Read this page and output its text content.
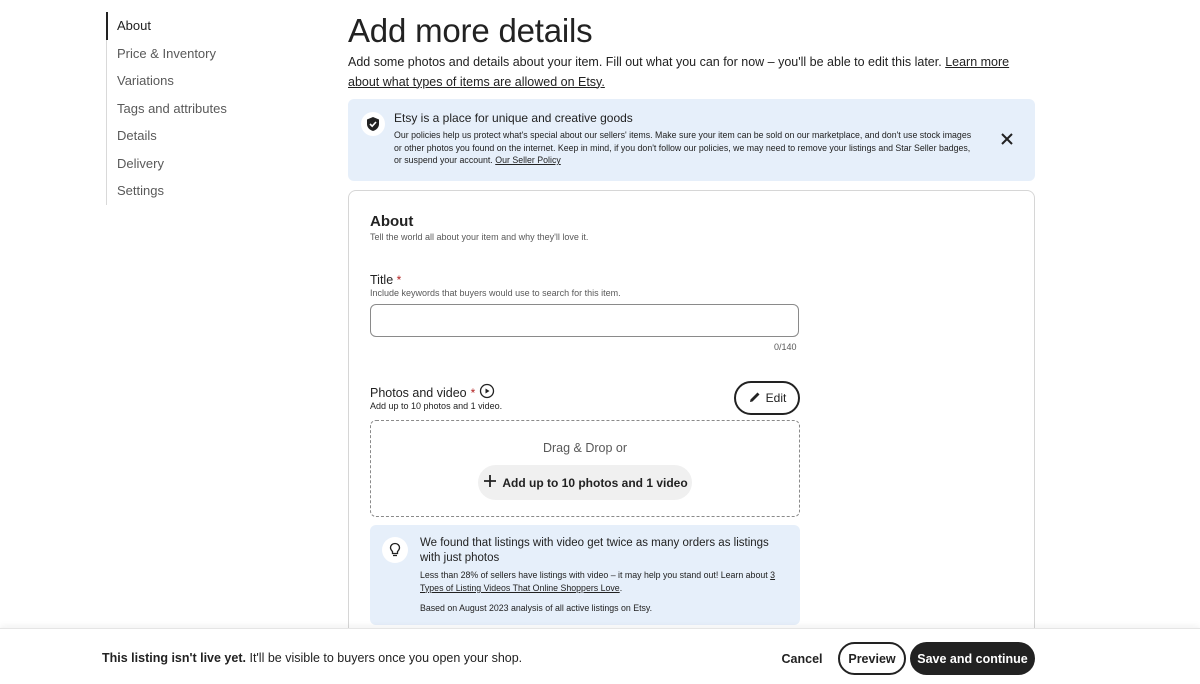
About
Price & Inventory
Variations
Tags and attributes
Details
Delivery
Settings
Add more details

Add some photos and details about your item. Fill out what you can for now – you'll be able to edit this later. Learn more about what types of items are allowed on Etsy.

Etsy is a place for unique and creative goods
Our policies help us protect what's special about our sellers' items. Make sure your item can be sold on our marketplace, and don't use stock images or other photos you found on the internet. Keep in mind, if you don't follow our policies, we may need to remove your listings and Star Seller badges, or suspend your account. Our Seller Policy
About
Tell the world all about your item and why they'll love it.
Title *
Include keywords that buyers would use to search for this item.
0/140
Photos and video *
Add up to 10 photos and 1 video.
Edit
Drag & Drop or
Add up to 10 photos and 1 video
We found that listings with video get twice as many orders as listings with just photos
Less than 28% of sellers have listings with video – it may help you stand out! Learn about 3 Types of Listing Videos That Online Shoppers Love.
Based on August 2023 analysis of all active listings on Etsy.
This listing isn't live yet. It'll be visible to buyers once you open your shop.	Cancel	Preview	Save and continue
